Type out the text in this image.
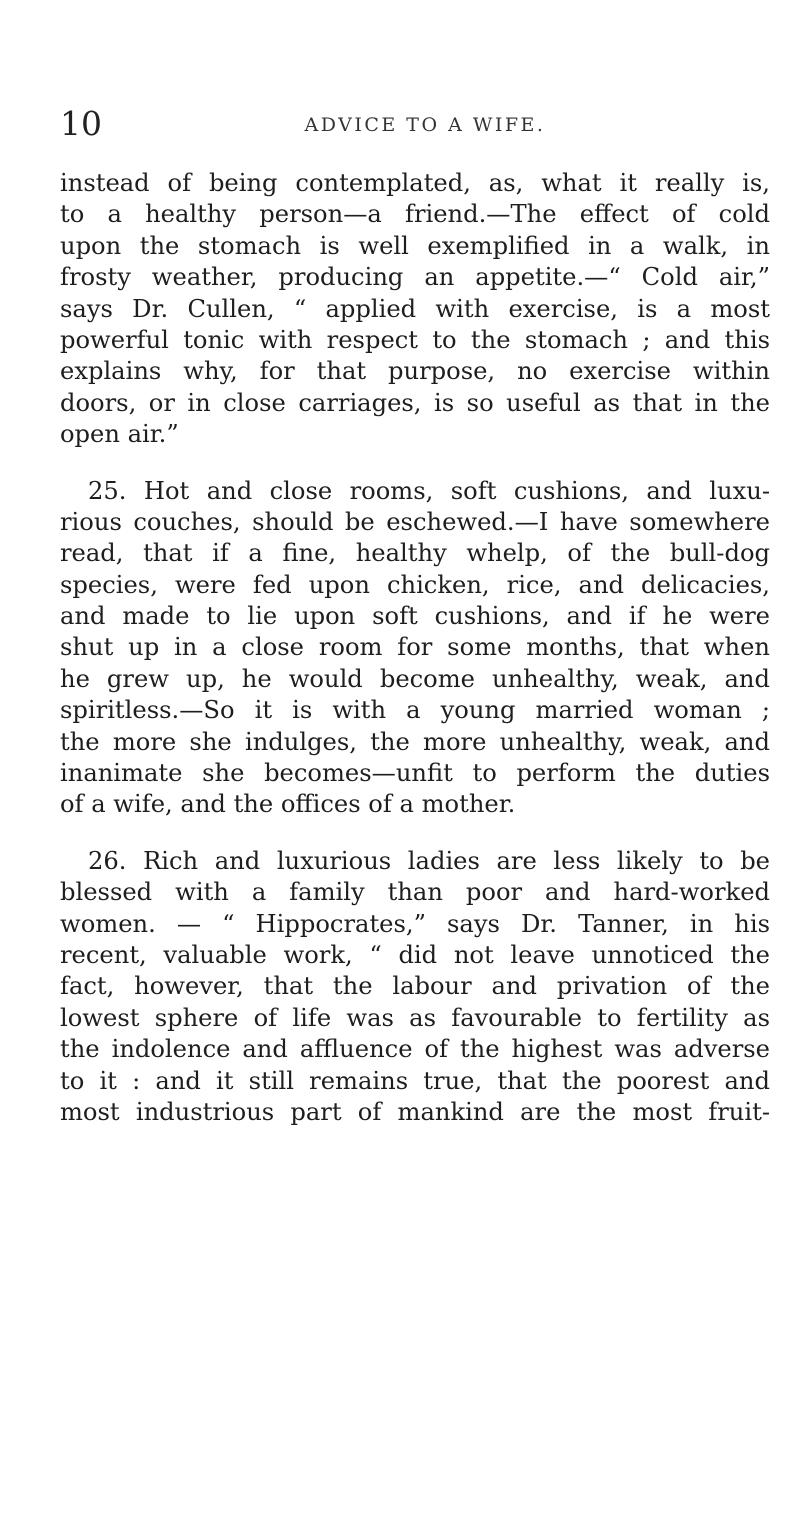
10	ADVICE TO A WIFE.
instead of being contemplated, as, what it really is,
to a healthy person—a friend.—The effect of cold
upon the stomach is well exemplified in a walk, in
frosty weather, producing an appetite.—“ Cold air,”
says Dr. Cullen, “ applied with exercise, is a most
powerful tonic with respect to the stomach ; and this
explains why, for that purpose, no exercise within
doors, or in close carriages, is so useful as that in the
open air.”
25. Hot and close rooms, soft cushions, and luxu-
rious couches, should be eschewed.—I have somewhere
read, that if a fine, healthy whelp, of the bull-dog
species, were fed upon chicken, rice, and delicacies,
and made to lie upon soft cushions, and if he were
shut up in a close room for some months, that when
he grew up, he would become unhealthy, weak, and
spiritless.—So it is with a young married woman ;
the more she indulges, the more unhealthy, weak, and
inanimate she becomes—unfit to perform the duties
of a wife, and the offices of a mother.
26. Rich and luxurious ladies are less likely to be
blessed with a family than poor and hard-worked
women. — “ Hippocrates,” says Dr. Tanner, in his
recent, valuable work, “ did not leave unnoticed the
fact, however, that the labour and privation of the
lowest sphere of life was as favourable to fertility as
the indolence and affluence of the highest was adverse
to it : and it still remains true, that the poorest and
most industrious part of mankind are the most fruit-
